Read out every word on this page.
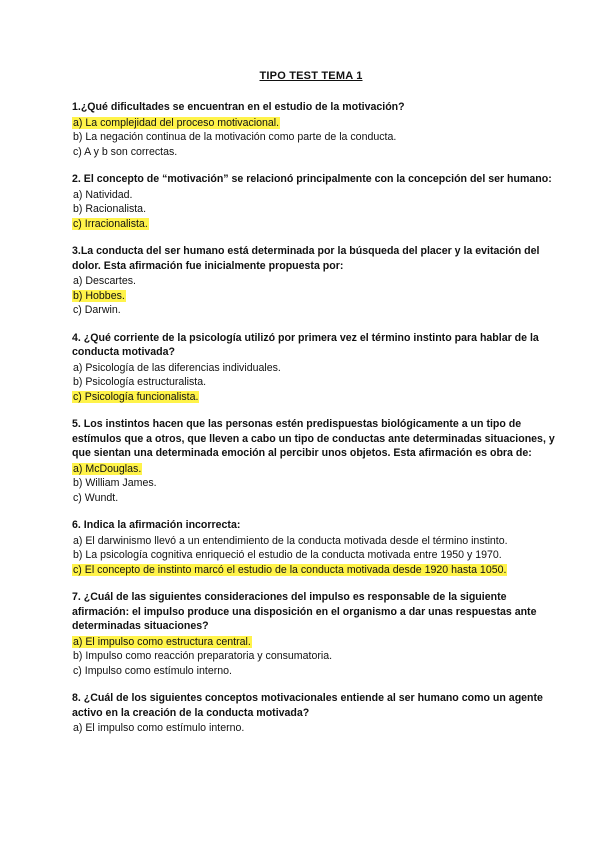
TIPO TEST TEMA 1
1.¿Qué dificultades se encuentran en el estudio de la motivación?
a) La complejidad del proceso motivacional.
b) La negación continua de la motivación como parte de la conducta.
c) A y b son correctas.
2. El concepto de “motivación” se relacionó principalmente con la concepción del ser humano:
a) Natividad.
b) Racionalista.
c) Irracionalista.
3.La conducta del ser humano está determinada por la búsqueda del placer y la evitación del dolor. Esta afirmación fue inicialmente propuesta por:
a) Descartes.
b) Hobbes.
c) Darwin.
4. ¿Qué corriente de la psicología utilizó por primera vez el término instinto para hablar de la conducta motivada?
a) Psicología de las diferencias individuales.
b) Psicología estructuralista.
c) Psicología funcionalista.
5. Los instintos hacen que las personas estén predispuestas biológicamente a un tipo de estímulos que a otros, que lleven a cabo un tipo de conductas ante determinadas situaciones, y que sientan una determinada emoción al percibir unos objetos. Esta afirmación es obra de:
a) McDouglas.
b) William James.
c) Wundt.
6. Indica la afirmación incorrecta:
a) El darwinismo llevó a un entendimiento de la conducta motivada desde el término instinto.
b) La psicología cognitiva enriqueció el estudio de la conducta motivada entre 1950 y 1970.
c) El concepto de instinto marcó el estudio de la conducta motivada desde 1920 hasta 1050.
7. ¿Cuál de las siguientes consideraciones del impulso es responsable de la siguiente afirmación: el impulso produce una disposición en el organismo a dar unas respuestas ante determinadas situaciones?
a) El impulso como estructura central.
b) Impulso como reacción preparatoria y consumatoria.
c) Impulso como estímulo interno.
8. ¿Cuál de los siguientes conceptos motivacionales entiende al ser humano como un agente activo en la creación de la conducta motivada?
a) El impulso como estímulo interno.
